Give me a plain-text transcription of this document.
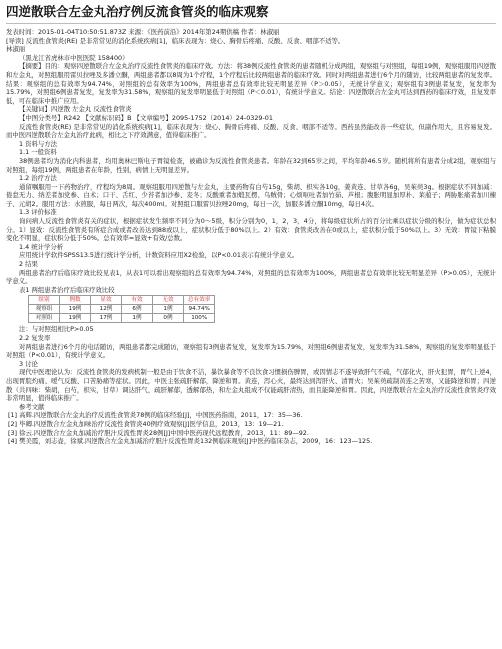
四逆散联合左金丸治疗例反流食管炎的临床观察

发表时间：2015-01-04T10:50:51.873Z 来源：《医药前沿》2014年第24期供稿 作者：林淑丽

[导读] 反流性食管炎(RE) 是非常常见的消化系统疾病[1]，临床表现为：烧心、胸骨后疼痛、反酸、反食、咽部不适等。

林淑丽

（黑龙江省虎林市中医医院 158400）

【摘要】目的：观察四逆散联合左金丸治疗反流性食管炎的临床疗效。方法：将38例反流性食管炎的患者随机分成两组，观察组与对照组，每组19例，观察组服用四逆散和左金丸，对照组服用雷贝拉唑及多潘立酮，两组患者都以8周为1个疗程，1个疗程后比较两组患者的临床疗效。同时对两组患者进行6个月的随访，比较两组患者的复发率。结果：观察组的总有效率为94.74%，对照组的总有效率为100%，两组患者总有效率比较无明显差异（P＞0.05），无统计学意义；观察组有3例患者复发，复发率为15.79%，对照组6例患者复发，复发率为31.58%，观察组的复发率明显低于对照组（P＜0.01），有统计学意义。结论：四逆散联合左金丸可达到西药的临床疗效，且复发率低，可在临床中推广应用。

【关键词】四逆散 左金丸 反流性食管炎

【中图分类号】R242 【文献标识码】B 【文章编号】2095-1752（2014）24-0329-01

反流性食管炎(RE) 是非常常见的消化系统疾病[1]，临床表现为：烧心、胸骨后疼痛、反酸、反食、咽部不适等。西药虽然能改善一些症状，但副作用大，且容易复发。而中医四逆散联合左金丸治疗此病，相比之下疗效满意，值得临床推广。

1 资料与方法

1.1 一般资料

38例患者均为消化内科患者，均用奥林巴斯电子胃镜检查，被确诊为反流性食管炎患者。年龄在32到65岁之间，平均年龄46.5岁。随机将所有患者分成2组，观察组与对照组，每组19例，两组患者在年龄，性别，病情上无明显差异。

1.2 治疗方法

通留嘱服用一下药物治疗，疗程均为8周。观察组服用四逆散与左金丸，主要药物有白芍15g，柴胡、枳实各10g，姜黄连、甘草各6g，吴茱萸3g。根据症状不同加减：倦怠无力、纳差者加党参、白术；口干、舌红、少苔者加沙参、麦冬；反酸重者加煅瓦楞、乌贼骨；心烦呕吐者加竹茹、芦根；腹胀明显加厚朴、莱菔子；两胁胀痛者加川楝子、元胡2。服用方法：水煎服，每日两次，每次400ml。对照组口服雷贝拉唑20mg，每日一次，加服多潘立酮10mg，每日4次。

1.3 评价标准

询问病人反流性食管炎有关的症状，根据症状发生频率不同分为0～5级，积分分别为0，1，2，3，4分，将每级症状所占的百分比乘以症状分级的积分，做为症状总积分。1）显效：反流性食管炎有所症合成或者改善达到88或以上，症状积分低于80%以上。2）有效：食管炎改善在0或以上，症状积分低于50%以上。3）无效：胃镜下粘膜变化不明显，症状积分低于50%。总有效率=显效+有效/总数。

1.4 统计学分析

应用统计学软件SPSS13.5进行统计学分析，计数资料应用X2检验，以P<0.01表示有统计学意义。

2 结果

两组患者治疗后临床疗效比较见表1，从表1可以看出观察组的总有效率为94.74%，对照组的总有效率为100%，两组患者总有效率比较无明显差异（P>0.05），无统计学意义。

表1 两组患者治疗后临床疗效比较

组别	例数	显效	有效	无效	总有效率
观察组	19例	12例	6例	1例	94.74%
对照组	19例	17例	1例	0例	100%

注：与对照组相比P>0.05

2.2 复发率

对两组患者进行6个月的电话随访，两组患者都完成随访，观察组有3例患者复发，复发率为15.79%，对照组6例患者复发，复发率为31.58%，观察组的复发率明显低于对照组（P<0.01），有统计学意义。

3 讨论

现代中医理论认为：反流性食管炎的发病机制一般是由于饮食不洁，暴饮暴食等不良饮食习惯损伤脾胃，或因情志不遂导致肝气不疏，气郁化火，肝火犯胃，胃气上逆4，出现胃脘灼痛、嗳气反酸、口苦胁痛等症状。因此，中医主张疏肝解郁，降逆和胃。黄连，泻心火，最终达到泻肝火、清胃火；吴茱萸疏制黄连之苦寒，又能降逆和胃；四逆散（共四味：柴胡，白芍，枳实，甘草）调达肝气，疏肝解郁，透解郁热，和左金丸组成不仅能疏肝清热，而且能降逆和胃。因此，四逆散联合左金丸治疗反流性食管炎疗效非常明显，值得临床推广。

参考文献

[1] 高辉.四逆散联合左金丸治疗反流性食管炎78例的临床经验[J]，中国医药指南，2011，17：35—36.

[2] 毕卿.四逆散合左金丸加味治疗反流性食管炎40例疗效观察[J]医学信息，2013，13：19—21.

[3] 徐云.四逆散合左金丸加减治疗胆汁反流性胃炎28例[J]中国中医药现代远程教育，2013，11：89—92.

[4] 樊美霞，刘志壶，徐斌.四逆散合左金丸加减治疗胆汁反流性胃炎132例临床观察[J]中医药临床杂志，2009，16：123—125.
